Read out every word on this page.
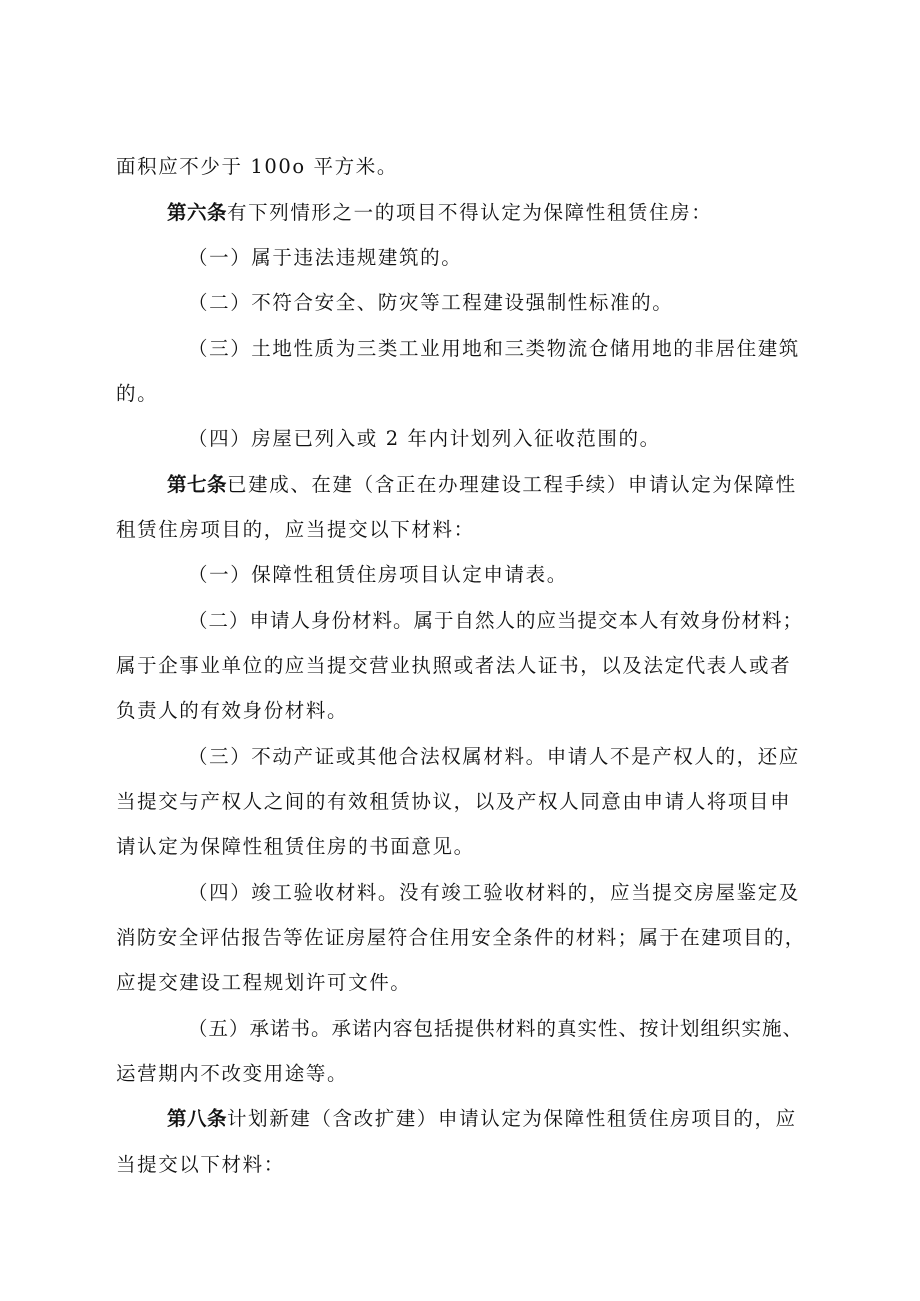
面积应不少于 100o 平方米。
第六条有下列情形之一的项目不得认定为保障性租赁住房：
（一）属于违法违规建筑的。
（二）不符合安全、防灾等工程建设强制性标准的。
（三）土地性质为三类工业用地和三类物流仓储用地的非居住建筑
的。
（四）房屋已列入或 2 年内计划列入征收范围的。
第七条已建成、在建（含正在办理建设工程手续）申请认定为保障性
租赁住房项目的，应当提交以下材料：
（一）保障性租赁住房项目认定申请表。
（二）申请人身份材料。属于自然人的应当提交本人有效身份材料；
属于企事业单位的应当提交营业执照或者法人证书，以及法定代表人或者
负责人的有效身份材料。
（三）不动产证或其他合法权属材料。申请人不是产权人的，还应
当提交与产权人之间的有效租赁协议，以及产权人同意由申请人将项目申
请认定为保障性租赁住房的书面意见。
（四）竣工验收材料。没有竣工验收材料的，应当提交房屋鉴定及
消防安全评估报告等佐证房屋符合住用安全条件的材料；属于在建项目的，
应提交建设工程规划许可文件。
（五）承诺书。承诺内容包括提供材料的真实性、按计划组织实施、
运营期内不改变用途等。
第八条计划新建（含改扩建）申请认定为保障性租赁住房项目的，应
当提交以下材料：
